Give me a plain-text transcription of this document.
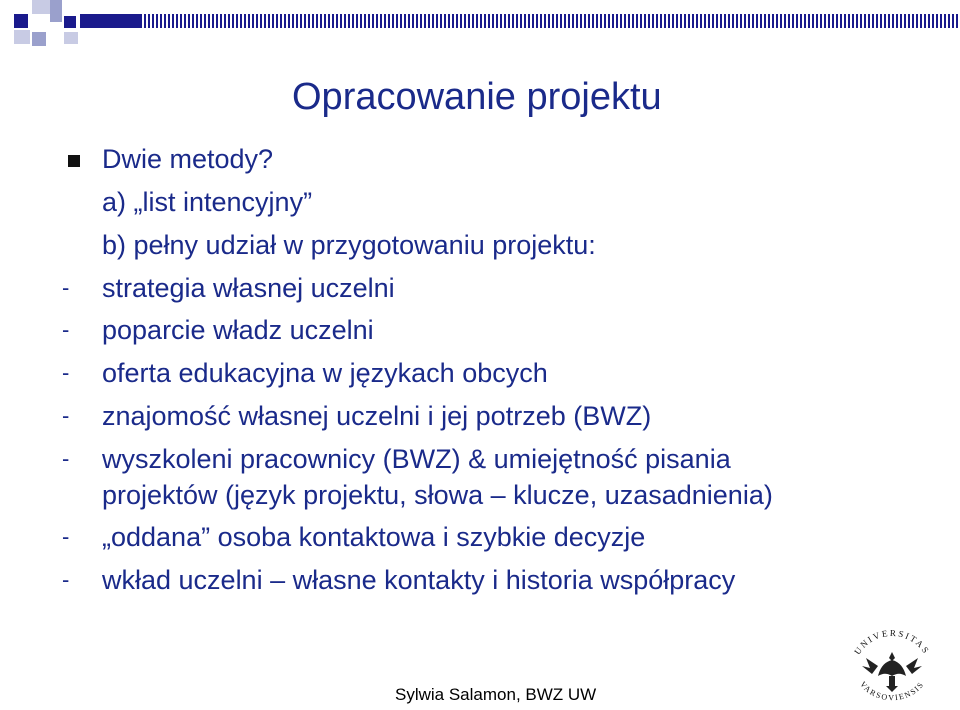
Opracowanie projektu
Dwie metody?
a) „list intencyjny”
b) pełny udział w przygotowaniu projektu:
-	strategia własnej uczelni
-	poparcie władz uczelni
-	oferta edukacyjna w językach obcych
-	znajomość własnej uczelni i jej potrzeb (BWZ)
-	wyszkoleni pracownicy (BWZ) & umiejętność pisania
projektów (język projektu, słowa – klucze, uzasadnienia)
-	„oddana” osoba kontaktowa i szybkie decyzje
-	wkład uczelni – własne kontakty i historia współpracy
Sylwia Salamon, BWZ UW
UNIVERSITAS
VARSOVIENSIS
